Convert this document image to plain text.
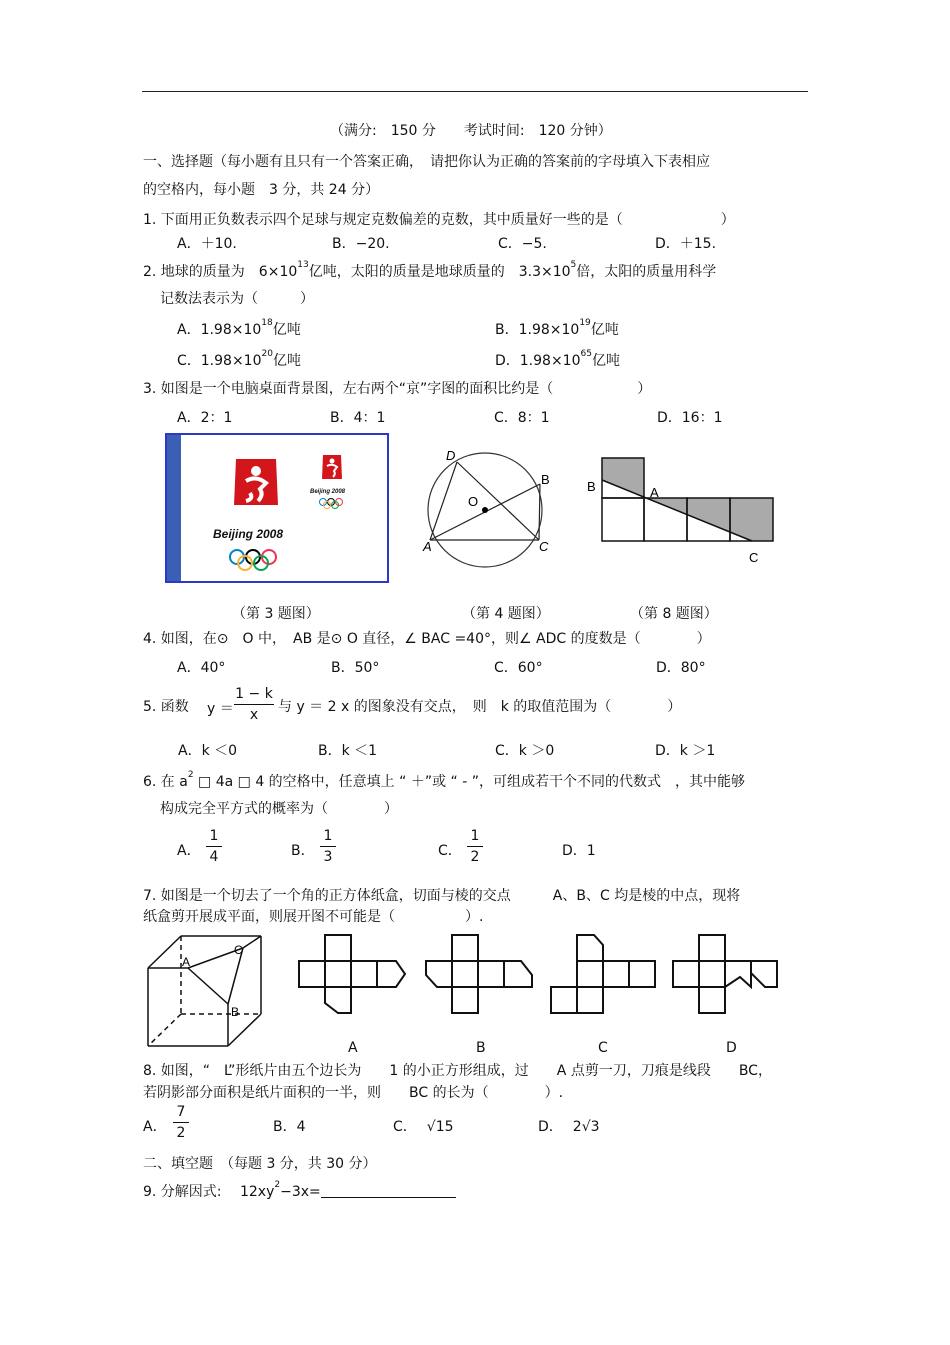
（满分:　150 分　　考试时间:　120 分钟）
一、选择题（每小题有且只有一个答案正确，　请把你认为正确的答案前的字母填入下表相应
的空格内，每小题　3 分，共 24 分）
1. 下面用正负数表示四个足球与规定克数偏差的克数，其中质量好一些的是（　　　　　　　）
A．＋10.	B．−20.	C．−5.	D．＋15.
2. 地球的质量为　$6\times 10^{13}$亿吨，太阳的质量是地球质量的　$3.3\times 10^5$倍，太阳的质量用科学
记数法表示为（　　　）
A．$1.98\times 10^{18}$亿吨	B．$1.98\times 10^{19}$亿吨
C．$1.98\times 10^{20}$亿吨	D．$1.98\times 10^{65}$亿吨
3. 如图是一个电脑桌面背景图，左右两个“京”字图的面积比约是（　　　　　　）
A．2：1	B．4：1	C．8：1	D．16：1
Beijing 2008
Beijing 2008
D
B
O
A	C
B	A
C
（第 3 题图）	（第 4 题图）	（第 8 题图）
4. 如图，在⊙　O 中，　AB 是⊙ O 直径，∠ BAC =40°，则∠ ADC 的度数是（　　　　）
A．40°	B．50°	C．60°	D．80°
5. 函数 y ＝
1 − k
x	与 y ＝ 2 x 的图象没有交点，　则　k 的取值范围为（　　　　）
A．k ＜0	B．k ＜1	C．k ＞0	D．k ＞1
6. 在 $a^2$ □ 4a □ 4 的空格中，任意填上 “ ＋”或 “ - ”，可组成若干个不同的代数式　，其中能够
构成完全平方式的概率为（　　　　）
A．
1
4	B．
1
3	C．
1
2	D．1
7. 如图是一个切去了一个角的正方体纸盒，切面与棱的交点　　　A、B、C 均是棱的中点，现将
纸盒剪开展成平面，则展开图不可能是（　　　　　）.
A
B
C
A	B	C	D
8. 如图，“　L”形纸片由五个边长为　　1 的小正方形组成，过　　A 点剪一刀，刀痕是线段　　BC，
若阴影部分面积是纸片面积的一半，则　　BC 的长为（　　　　）.
A．
7
2	B．4	C． √15	D． 2√3
二、填空题　（每题 3 分，共 30 分）
9. 分解因式:　 $12xy^2-3x=$
